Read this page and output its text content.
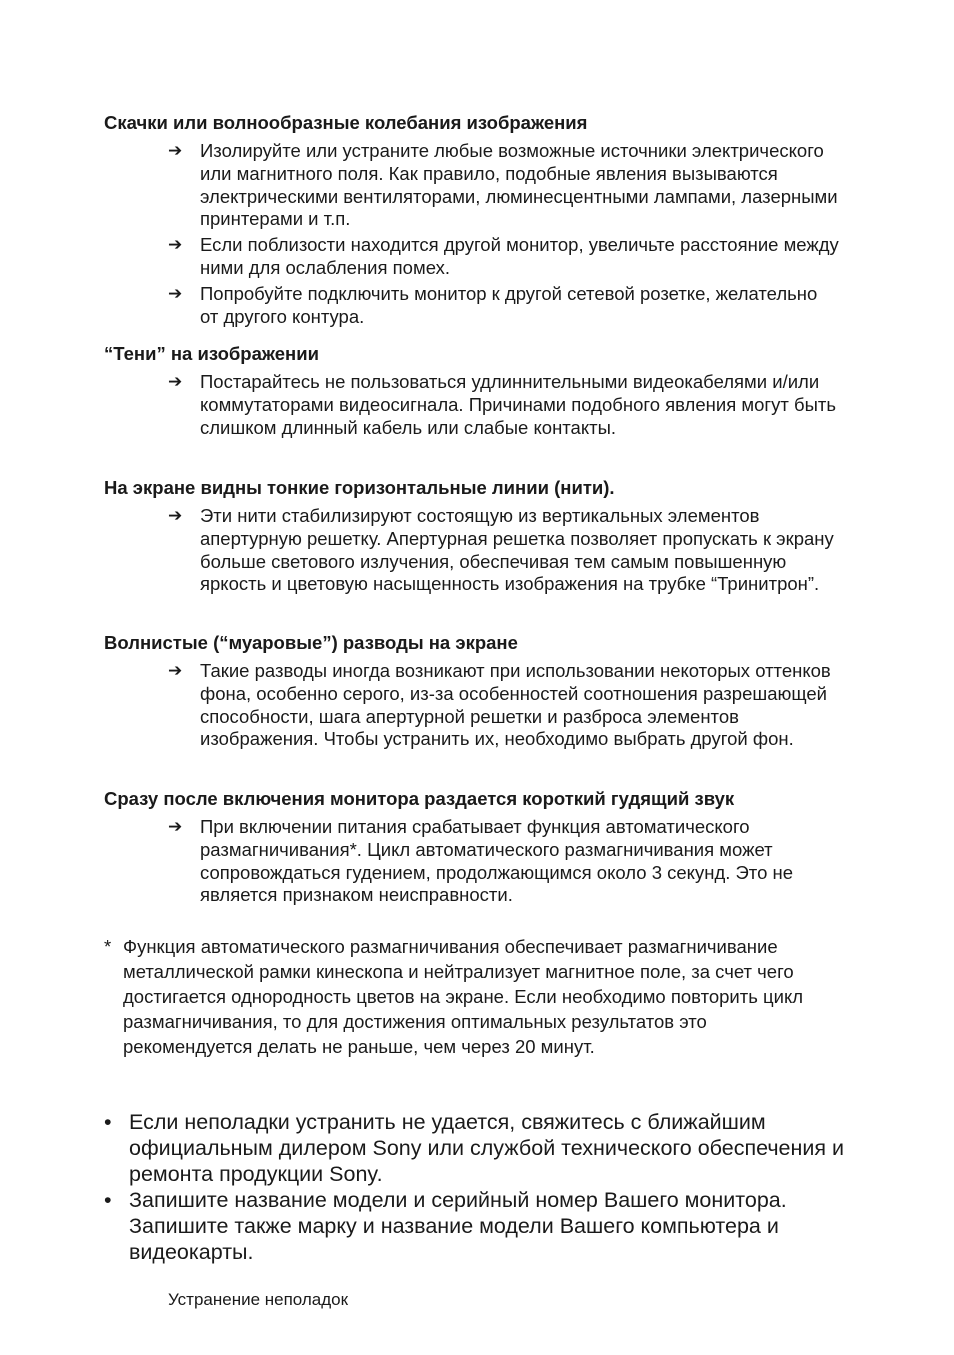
Скачки или волнообразные колебания изображения
➔ Изолируйте или устраните любые возможные источники электрического или магнитного поля. Как правило, подобные явления вызываются электрическими вентиляторами, люминесцентными лампами, лазерными принтерами и т.п.
➔ Если поблизости находится другой монитор, увеличьте расстояние между ними для ослабления помех.
➔ Попробуйте подключить монитор к другой сетевой розетке, желательно от другого контура.
“Тени” на изображении
➔ Постарайтесь не пользоваться удлиннительными видеокабелями и/или коммутаторами видеосигнала. Причинами подобного явления могут быть слишком длинный кабель или слабые контакты.
На экране видны тонкие горизонтальные линии (нити).
➔ Эти нити стабилизируют состоящую из вертикальных элементов апертурную решетку. Апертурная решетка позволяет пропускать к экрану больше светового излучения, обеспечивая тем самым повышенную яркость и цветовую насыщенность изображения на трубке “Тринитрон”.
Волнистые (“муаровые”) разводы на экране
➔ Такие разводы иногда возникают при использовании некоторых оттенков фона, особенно серого, из-за особенностей соотношения разрешающей способности, шага апертурной решетки и разброса элементов изображения. Чтобы устранить их, необходимо выбрать другой фон.
Сразу после включения монитора раздается короткий гудящий звук
➔ При включении питания срабатывает функция автоматического размагничивания*. Цикл автоматического размагничивания может сопровождаться гудением, продолжающимся около 3 секунд. Это не является признаком неисправности.
* Функция автоматического размагничивания обеспечивает размагничивание металлической рамки кинескопа и нейтрализует магнитное поле, за счет чего достигается однородность цветов на экране. Если необходимо повторить цикл размагничивания, то для достижения оптимальных результатов это рекомендуется делать не раньше, чем через 20 минут.
• Если неполадки устранить не удается, свяжитесь с ближайшим официальным дилером Sony или службой технического обеспечения и ремонта продукции Sony.
• Запишите название модели и серийный номер Вашего монитора. Запишите также марку и название модели Вашего компьютера и видеокарты.
Устранение неполадок
